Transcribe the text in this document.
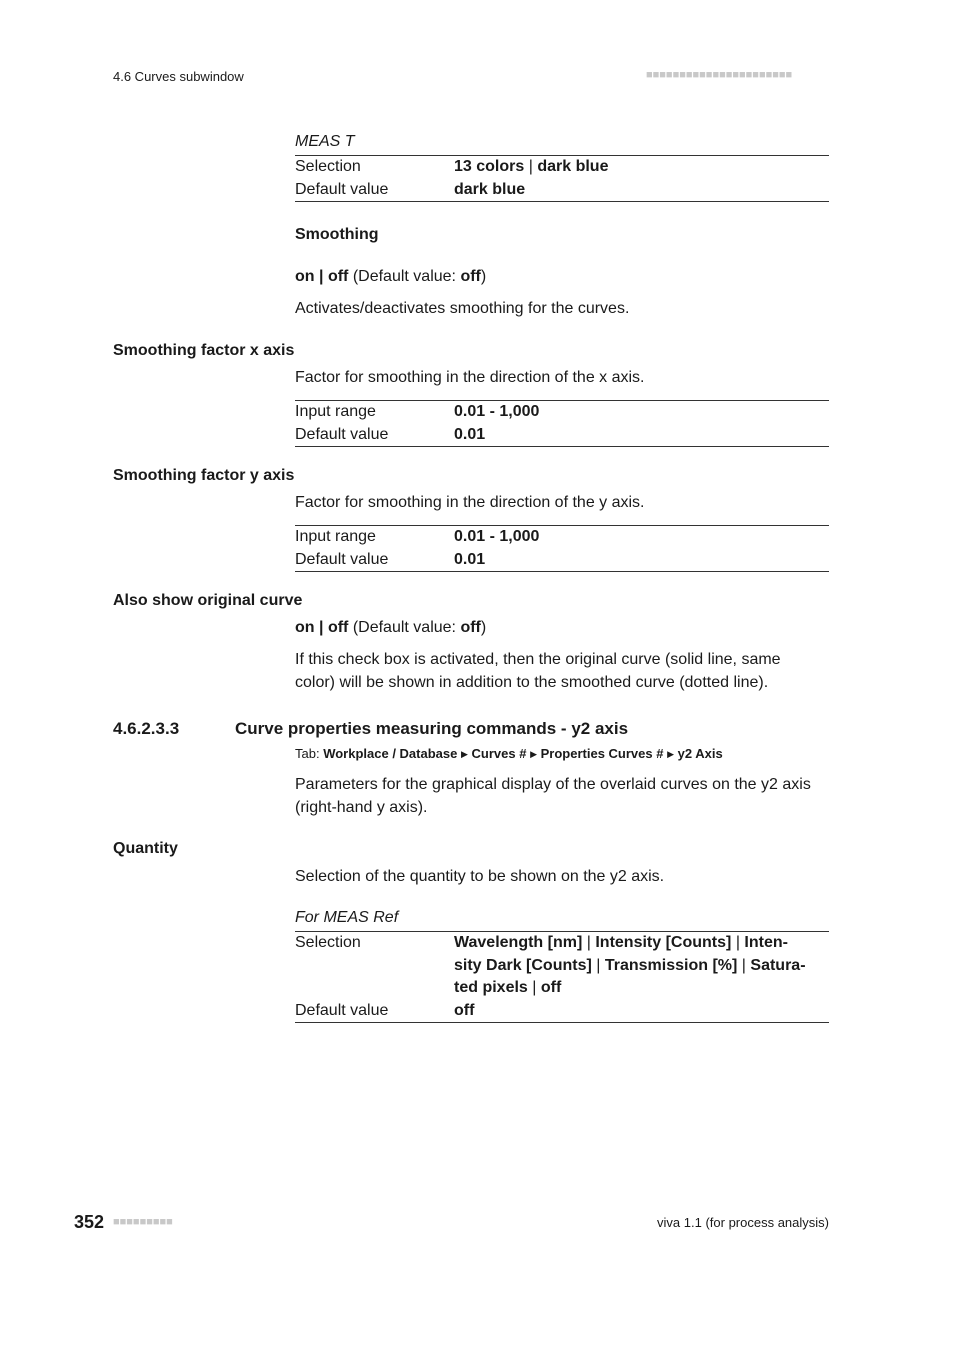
4.6 Curves subwindow	■■■■■■■■■■■■■■■■■■■■■■
MEAS T
Selection	13 colors | dark blue
Default value	dark blue
Smoothing
on | off (Default value: off)
Activates/deactivates smoothing for the curves.
Smoothing factor x axis
Factor for smoothing in the direction of the x axis.
Input range	0.01 - 1,000
Default value	0.01
Smoothing factor y axis
Factor for smoothing in the direction of the y axis.
Input range	0.01 - 1,000
Default value	0.01
Also show original curve
on | off (Default value: off)
If this check box is activated, then the original curve (solid line, same
color) will be shown in addition to the smoothed curve (dotted line).
4.6.2.3.3	Curve properties measuring commands - y2 axis
Tab: Workplace / Database ▶ Curves # ▶ Properties Curves # ▶ y2 Axis
Parameters for the graphical display of the overlaid curves on the y2 axis
(right-hand y axis).
Quantity
Selection of the quantity to be shown on the y2 axis.
For MEAS Ref
Selection	Wavelength [nm] | Intensity [Counts] | Inten-
sity Dark [Counts] | Transmission [%] | Satura-
ted pixels | off

Default value	off
352 ■■■■■■■■■	viva 1.1 (for process analysis)
